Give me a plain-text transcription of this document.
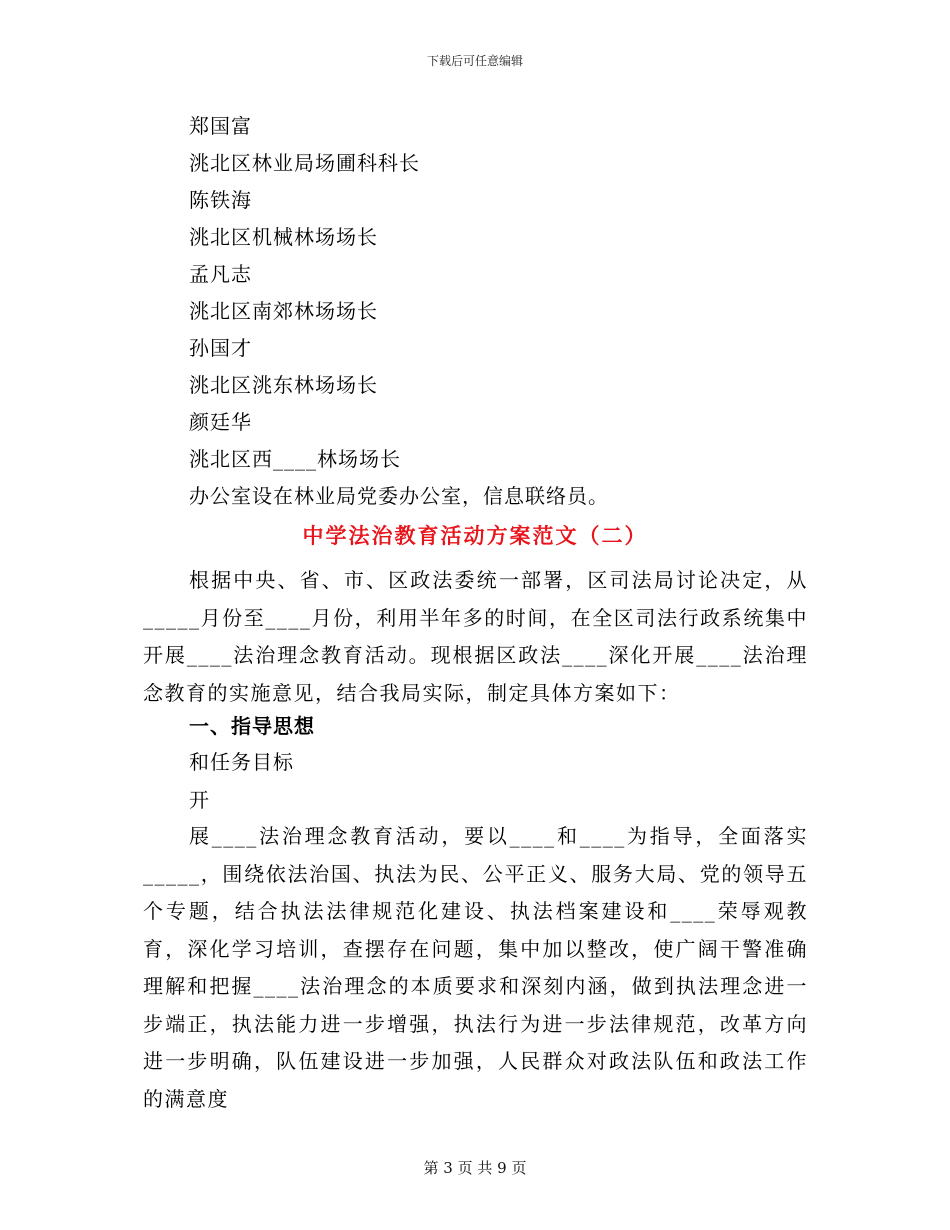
下载后可任意编辑
郑国富
洮北区林业局场圃科科长
陈铁海
洮北区机械林场场长
孟凡志
洮北区南郊林场场长
孙国才
洮北区洮东林场场长
颜廷华
洮北区西____林场场长
办公室设在林业局党委办公室，信息联络员。
中学法治教育活动方案范文（二）

根据中央、省、市、区政法委统一部署，区司法局讨论决定，从_____月份至____月份，利用半年多的时间，在全区司法行政系统集中开展____法治理念教育活动。现根据区政法____深化开展____法治理念教育的实施意见，结合我局实际，制定具体方案如下：

一、指导思想
和任务目标
开

展____法治理念教育活动，要以____和____为指导，全面落实_____，围绕依法治国、执法为民、公平正义、服务大局、党的领导五个专题，结合执法法律规范化建设、执法档案建设和____荣辱观教育，深化学习培训，查摆存在问题，集中加以整改，使广阔干警准确理解和把握____法治理念的本质要求和深刻内涵，做到执法理念进一步端正，执法能力进一步增强，执法行为进一步法律规范，改革方向进一步明确，队伍建设进一步加强，人民群众对政法队伍和政法工作的满意度

第 3 页 共 9 页
